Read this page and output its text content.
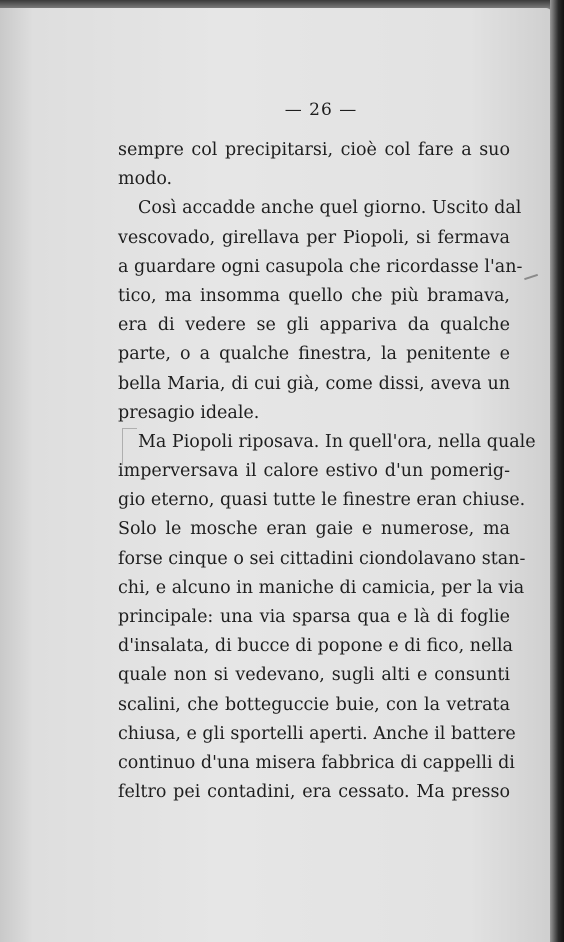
— 26 —
sempre col precipitarsi, cioè col fare a suo
modo.
Così accadde anche quel giorno. Uscito dal
vescovado, girellava per Piopoli, si fermava
a guardare ogni casupola che ricordasse l'an-
tico, ma insomma quello che più bramava,
era di vedere se gli appariva da qualche
parte, o a qualche finestra, la penitente e
bella Maria, di cui già, come dissi, aveva un
presagio ideale.
Ma Piopoli riposava. In quell'ora, nella quale
imperversava il calore estivo d'un pomerig-
gio eterno, quasi tutte le finestre eran chiuse.
Solo le mosche eran gaie e numerose, ma
forse cinque o sei cittadini ciondolavano stan-
chi, e alcuno in maniche di camicia, per la via
principale: una via sparsa qua e là di foglie
d'insalata, di bucce di popone e di fico, nella
quale non si vedevano, sugli alti e consunti
scalini, che botteguccie buie, con la vetrata
chiusa, e gli sportelli aperti. Anche il battere
continuo d'una misera fabbrica di cappelli di
feltro pei contadini, era cessato. Ma presso
